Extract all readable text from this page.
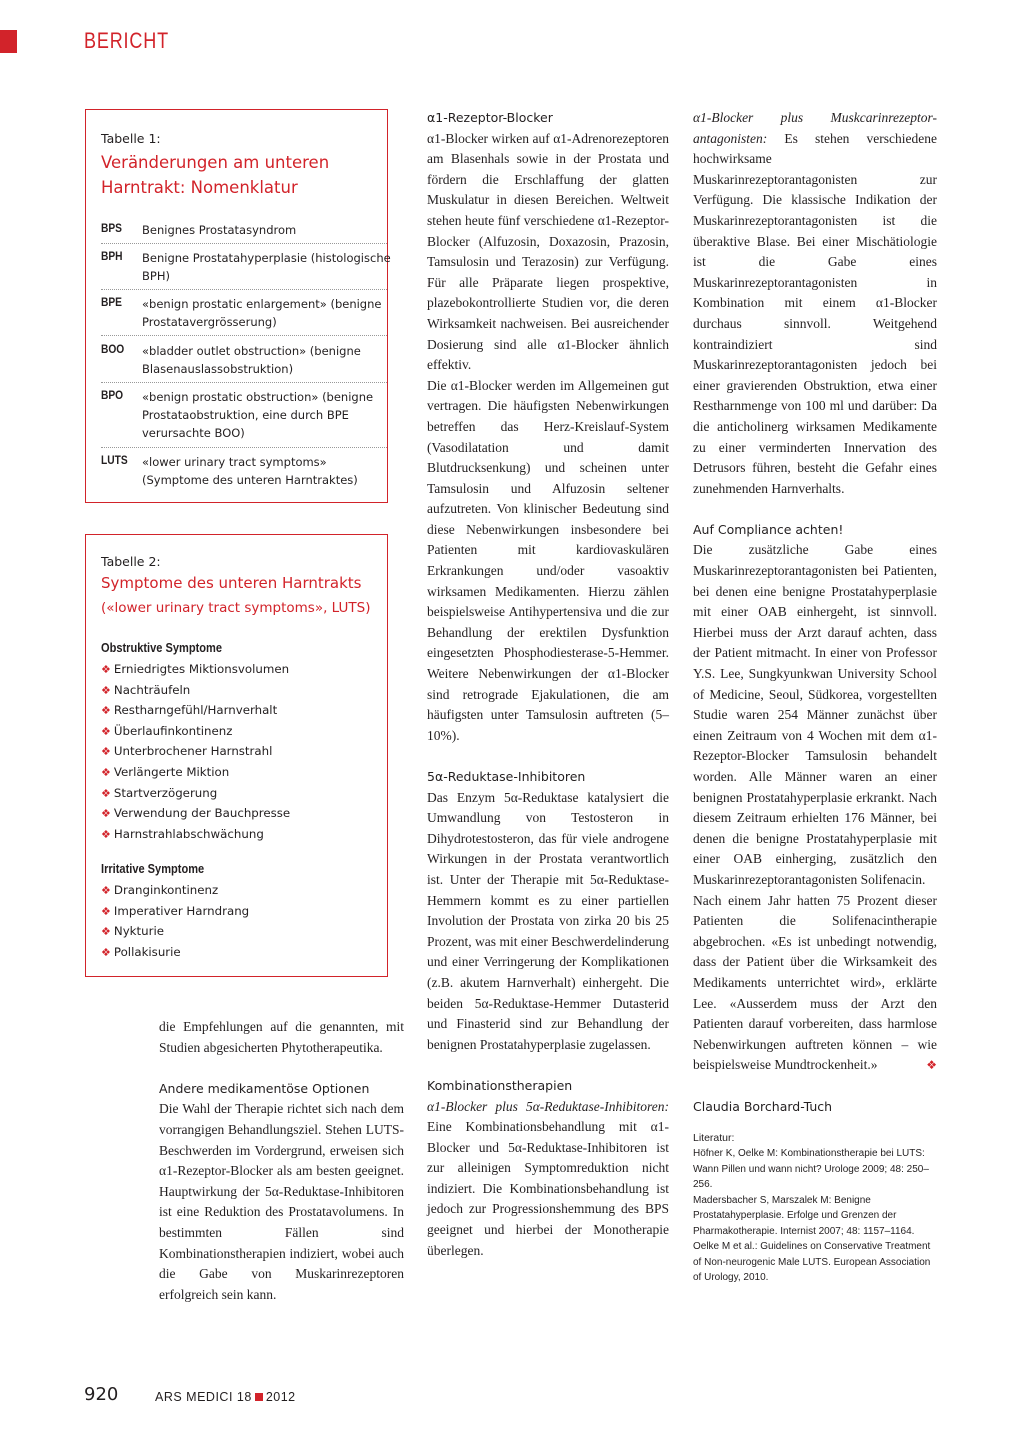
BERICHT
Tabelle 1:
Veränderungen am unteren Harntrakt: Nomenklatur
BPS Benignes Prostatasyndrom
BPH Benigne Prostatahyperplasie (histologische BPH)
BPE «benign prostatic enlargement» (benigne Prostatavergrösserung)
BOO «bladder outlet obstruction» (benigne Blasenauslassobstruktion)
BPO «benign prostatic obstruction» (benigne Prostataobstruktion, eine durch BPE verursachte BOO)
LUTS «lower urinary tract symptoms» (Symptome des unteren Harntraktes)
Tabelle 2:
Symptome des unteren Harntrakts
(«lower urinary tract symptoms», LUTS)
Obstruktive Symptome
❖ Erniedrigtes Miktionsvolumen
❖ Nachträufeln
❖ Restharngefühl/Harnverhalt
❖ Überlaufinkontinenz
❖ Unterbrochener Harnstrahl
❖ Verlängerte Miktion
❖ Startverzögerung
❖ Verwendung der Bauchpresse
❖ Harnstrahlabschwächung
Irritative Symptome
❖ Dranginkontinenz
❖ Imperativer Harndrang
❖ Nykturie
❖ Pollakisurie

die Empfehlungen auf die genannten, mit Studien abgesicherten Phytotherapeutika.

Andere medikamentöse Optionen

Die Wahl der Therapie richtet sich nach dem vorrangigen Behandlungsziel. Stehen LUTS-Beschwerden im Vordergrund, erweisen sich α1-Rezeptor-Blocker als am besten geeignet. Hauptwirkung der 5α-Reduktase-Inhibitoren ist eine Reduktion des Prostatavolumens. In bestimmten Fällen sind Kombinationstherapien indiziert, wobei auch die Gabe von Muskarinrezeptoren erfolgreich sein kann.

α1-Rezeptor-Blocker

α1-Blocker wirken auf α1-Adrenorezeptoren am Blasenhals sowie in der Prostata und fördern die Erschlaffung der glatten Muskulatur in diesen Bereichen. Weltweit stehen heute fünf verschiedene α1-Rezeptor-Blocker (Alfuzosin, Doxazosin, Prazosin, Tamsulosin und Terazosin) zur Verfügung. Für alle Präparate liegen prospektive, plazebokontrollierte Studien vor, die deren Wirksamkeit nachweisen. Bei ausreichender Dosierung sind alle α1-Blocker ähnlich effektiv.

Die α1-Blocker werden im Allgemeinen gut vertragen. Die häufigsten Nebenwirkungen betreffen das Herz-Kreislauf-System (Vasodilatation und damit Blutdrucksenkung) und scheinen unter Tamsulosin und Alfuzosin seltener aufzutreten. Von klinischer Bedeutung sind diese Nebenwirkungen insbesondere bei Patienten mit kardiovaskulären Erkrankungen und/oder vasoaktiv wirksamen Medikamenten. Hierzu zählen beispielsweise Antihypertensiva und die zur Behandlung der erektilen Dysfunktion eingesetzten Phosphodiesterase-5-Hemmer. Weitere Nebenwirkungen der α1-Blocker sind retrograde Ejakulationen, die am häufigsten unter Tamsulosin auftreten (5–10%).

5α-Reduktase-Inhibitoren

Das Enzym 5α-Reduktase katalysiert die Umwandlung von Testosteron in Dihydrotestosteron, das für viele androgene Wirkungen in der Prostata verantwortlich ist. Unter der Therapie mit 5α-Reduktase-Hemmern kommt es zu einer partiellen Involution der Prostata von zirka 20 bis 25 Prozent, was mit einer Beschwerdelinderung und einer Verringerung der Komplikationen (z.B. akutem Harnverhalt) einhergeht. Die beiden 5α-Reduktase-Hemmer Dutasterid und Finasterid sind zur Behandlung der benignen Prostatahyperplasie zugelassen.

Kombinationstherapien

α1-Blocker plus 5α-Reduktase-Inhibitoren: Eine Kombinationsbehandlung mit α1-Blocker und 5α-Reduktase-Inhibitoren ist zur alleinigen Symptomreduktion nicht indiziert. Die Kombinationsbehandlung ist jedoch zur Progressionshemmung des BPS geeignet und hierbei der Monotherapie überlegen.

α1-Blocker plus Muskcarinrezeptor-antagonisten: Es stehen verschiedene hochwirksame Muskarinrezeptorantagonisten zur Verfügung. Die klassische Indikation der Muskarinrezeptorantagonisten ist die überaktive Blase. Bei einer Mischätiologie ist die Gabe eines Muskarinrezeptorantagonisten in Kombination mit einem α1-Blocker durchaus sinnvoll. Weitgehend kontraindiziert sind Muskarinrezeptorantagonisten jedoch bei einer gravierenden Obstruktion, etwa einer Restharnmenge von 100 ml und darüber: Da die anticholinerg wirksamen Medikamente zu einer verminderten Innervation des Detrusors führen, besteht die Gefahr eines zunehmenden Harnverhalts.

Auf Compliance achten!

Die zusätzliche Gabe eines Muskarinrezeptorantagonisten bei Patienten, bei denen eine benigne Prostatahyperplasie mit einer OAB einhergeht, ist sinnvoll. Hierbei muss der Arzt darauf achten, dass der Patient mitmacht. In einer von Professor Y.S. Lee, Sungkyunkwan University School of Medicine, Seoul, Südkorea, vorgestellten Studie waren 254 Männer zunächst über einen Zeitraum von 4 Wochen mit dem α1-Rezeptor-Blocker Tamsulosin behandelt worden. Alle Männer waren an einer benignen Prostatahyperplasie erkrankt. Nach diesem Zeitraum erhielten 176 Männer, bei denen die benigne Prostatahyperplasie mit einer OAB einherging, zusätzlich den Muskarinrezeptorantagonisten Solifenacin.

Nach einem Jahr hatten 75 Prozent dieser Patienten die Solifenacintherapie abgebrochen. «Es ist unbedingt notwendig, dass der Patient über die Wirksamkeit des Medikaments unterrichtet wird», erklärte Lee. «Ausserdem muss der Arzt den Patienten darauf vorbereiten, dass harmlose Nebenwirkungen auftreten können – wie beispielsweise Mundtrockenheit.»	❖

Claudia Borchard-Tuch
Literatur:
Höfner K, Oelke M: Kombinationstherapie bei LUTS: Wann Pillen und wann nicht? Urologe 2009; 48: 250–256.
Madersbacher S, Marszalek M: Benigne Prostatahyperplasie. Erfolge und Grenzen der Pharmakotherapie. Internist 2007; 48: 1157–1164.
Oelke M et al.: Guidelines on Conservative Treatment of Non-neurogenic Male LUTS. European Association of Urology, 2010.
920	ARS MEDICI 18 2012
